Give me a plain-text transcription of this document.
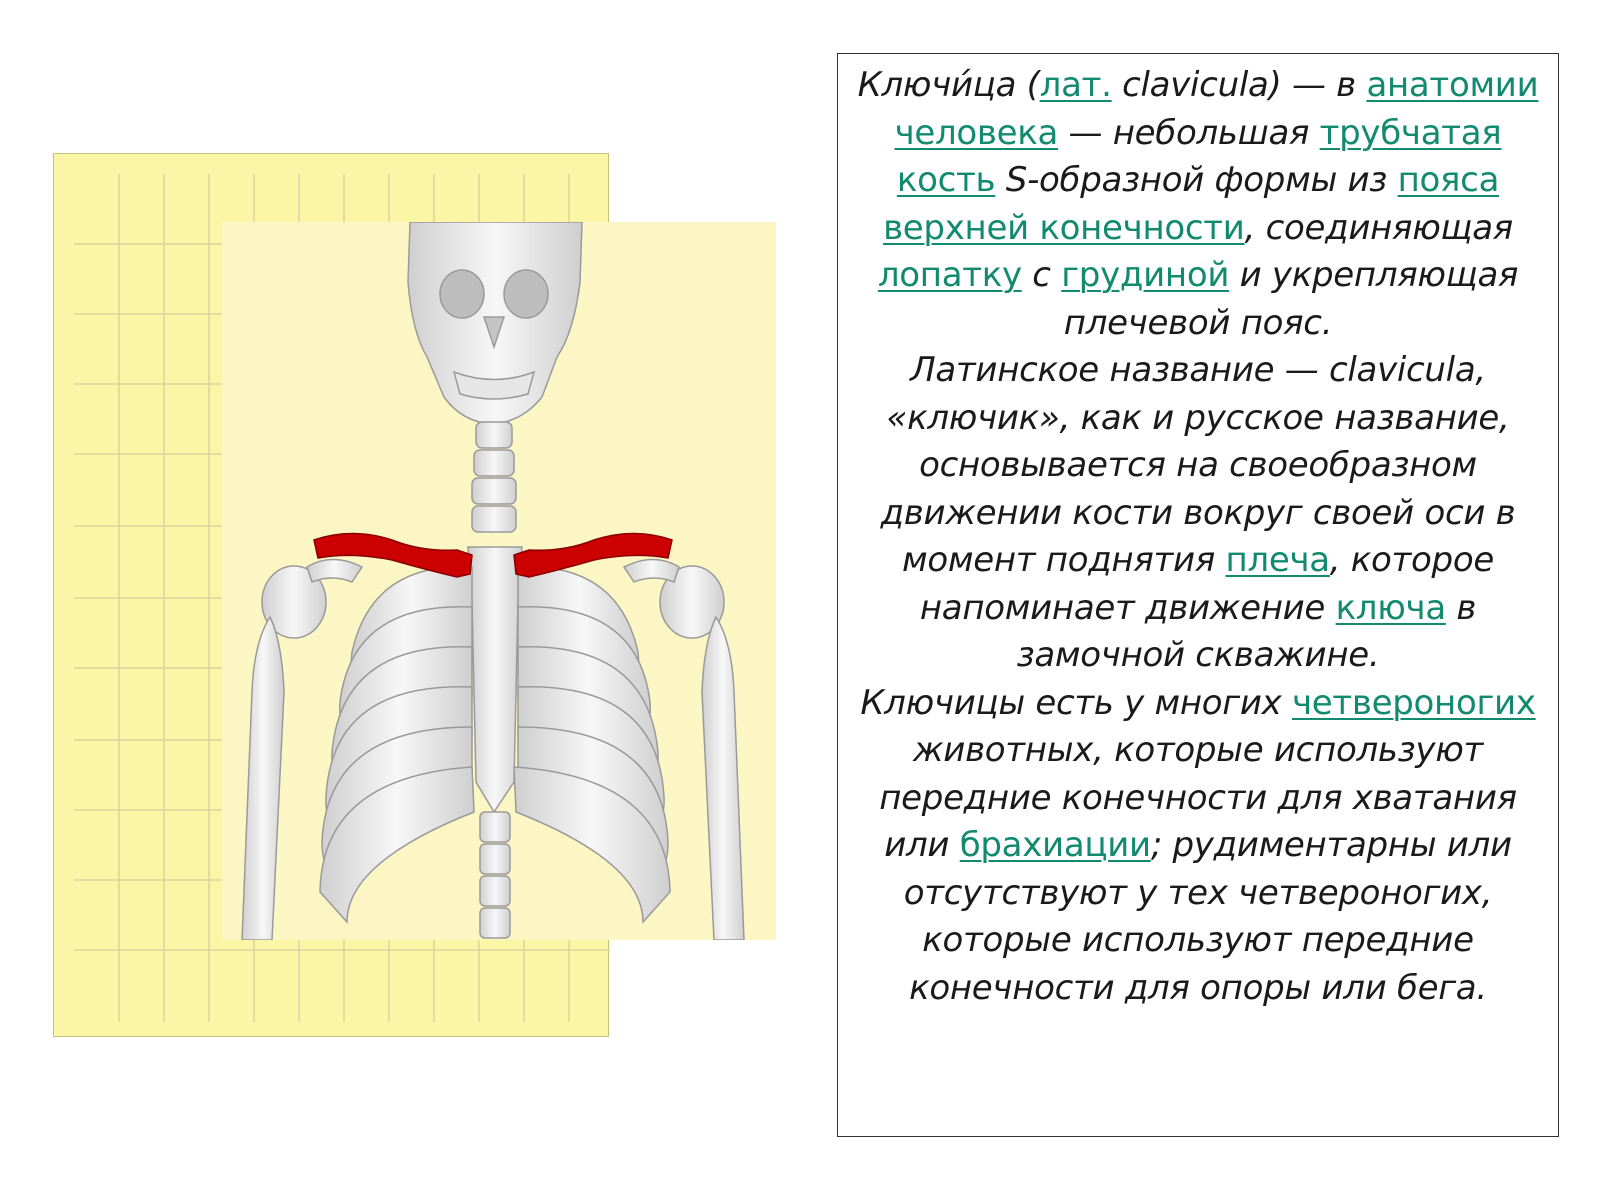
Ключи́ца (лат. clavicula) — в анатомии человека — небольшая трубчатая кость S-образной формы из пояса верхней конечности, соединяющая лопатку с грудиной и укрепляющая плечевой пояс.

Латинское название — clavicula, «ключик», как и русское название, основывается на своеобразном движении кости вокруг своей оси в момент поднятия плеча, которое напоминает движение ключа в замочной скважине.

Ключицы есть у многих четвероногих животных, которые используют передние конечности для хватания или брахиации; рудиментарны или отсутствуют у тех четвероногих, которые используют передние конечности для опоры или бега.
